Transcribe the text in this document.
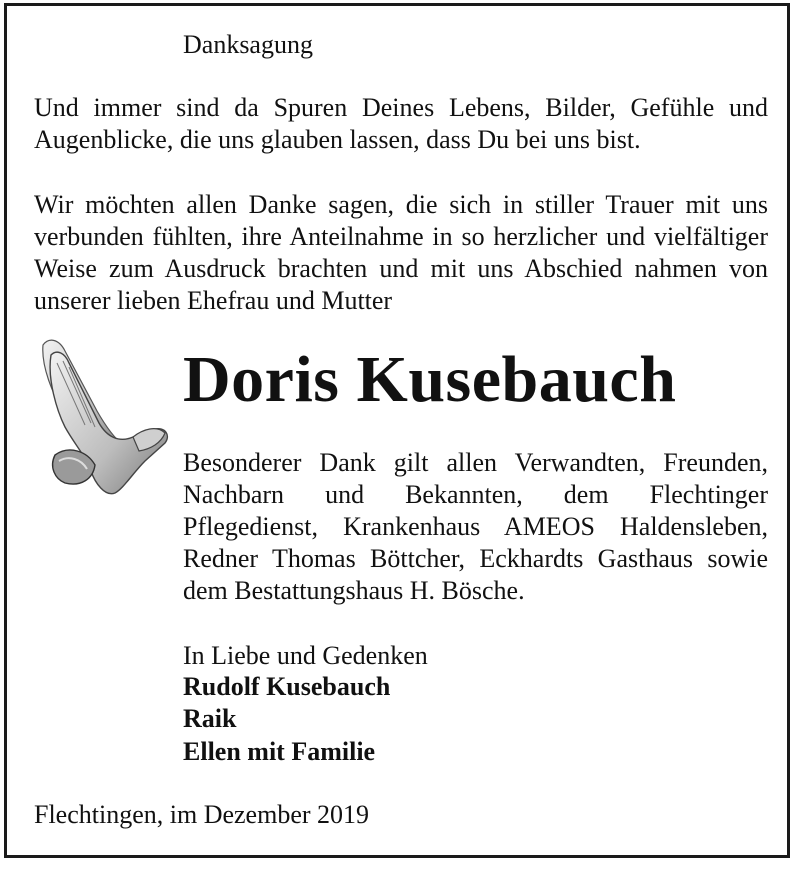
Danksagung

Und immer sind da Spuren Deines Lebens, Bilder, Gefühle und Augenblicke, die uns glauben lassen, dass Du bei uns bist.

Wir möchten allen Danke sagen, die sich in stiller Trauer mit uns verbunden fühlten, ihre Anteilnahme in so herzlicher und vielfältiger Weise zum Ausdruck brachten und mit uns Abschied nahmen von unserer lieben Ehefrau und Mutter

Doris Kusebauch

Besonderer Dank gilt allen Verwandten, Freunden, Nachbarn und Bekannten, dem Flechtinger Pflegedienst, Krankenhaus AMEOS Haldensleben, Redner Thomas Böttcher, Eckhardts Gasthaus sowie dem Bestattungshaus H. Bösche.

In Liebe und Gedenken

Rudolf Kusebauch

Raik

Ellen mit Familie

Flechtingen, im Dezember 2019
